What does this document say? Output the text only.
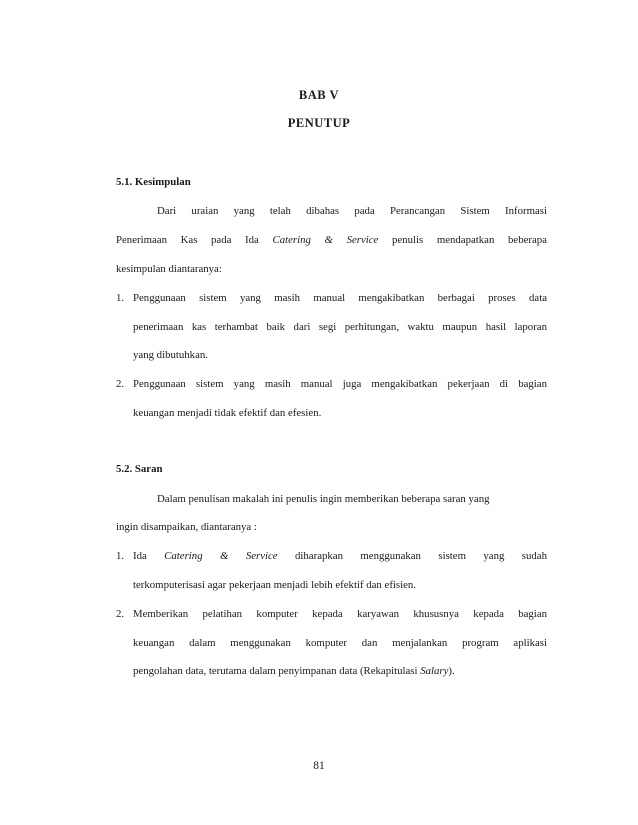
BAB V
PENUTUP
5.1. Kesimpulan
Dari uraian yang telah dibahas pada Perancangan Sistem Informasi
Penerimaan Kas pada Ida Catering & Service penulis mendapatkan beberapa
kesimpulan diantaranya:
1. Penggunaan sistem yang masih manual mengakibatkan berbagai proses data
penerimaan kas terhambat baik dari segi perhitungan, waktu maupun hasil laporan
yang dibutuhkan.
2. Penggunaan sistem yang masih manual juga mengakibatkan pekerjaan di bagian
keuangan menjadi tidak efektif dan efesien.
5.2. Saran
Dalam penulisan makalah ini penulis ingin memberikan beberapa saran yang
ingin disampaikan, diantaranya :
1. Ida Catering & Service diharapkan menggunakan sistem yang sudah
terkomputerisasi agar pekerjaan menjadi lebih efektif dan efisien.
2. Memberikan pelatihan komputer kepada karyawan khususnya kepada bagian
keuangan dalam menggunakan komputer dan menjalankan program aplikasi
pengolahan data, terutama dalam penyimpanan data (Rekapitulasi Salary).
81
